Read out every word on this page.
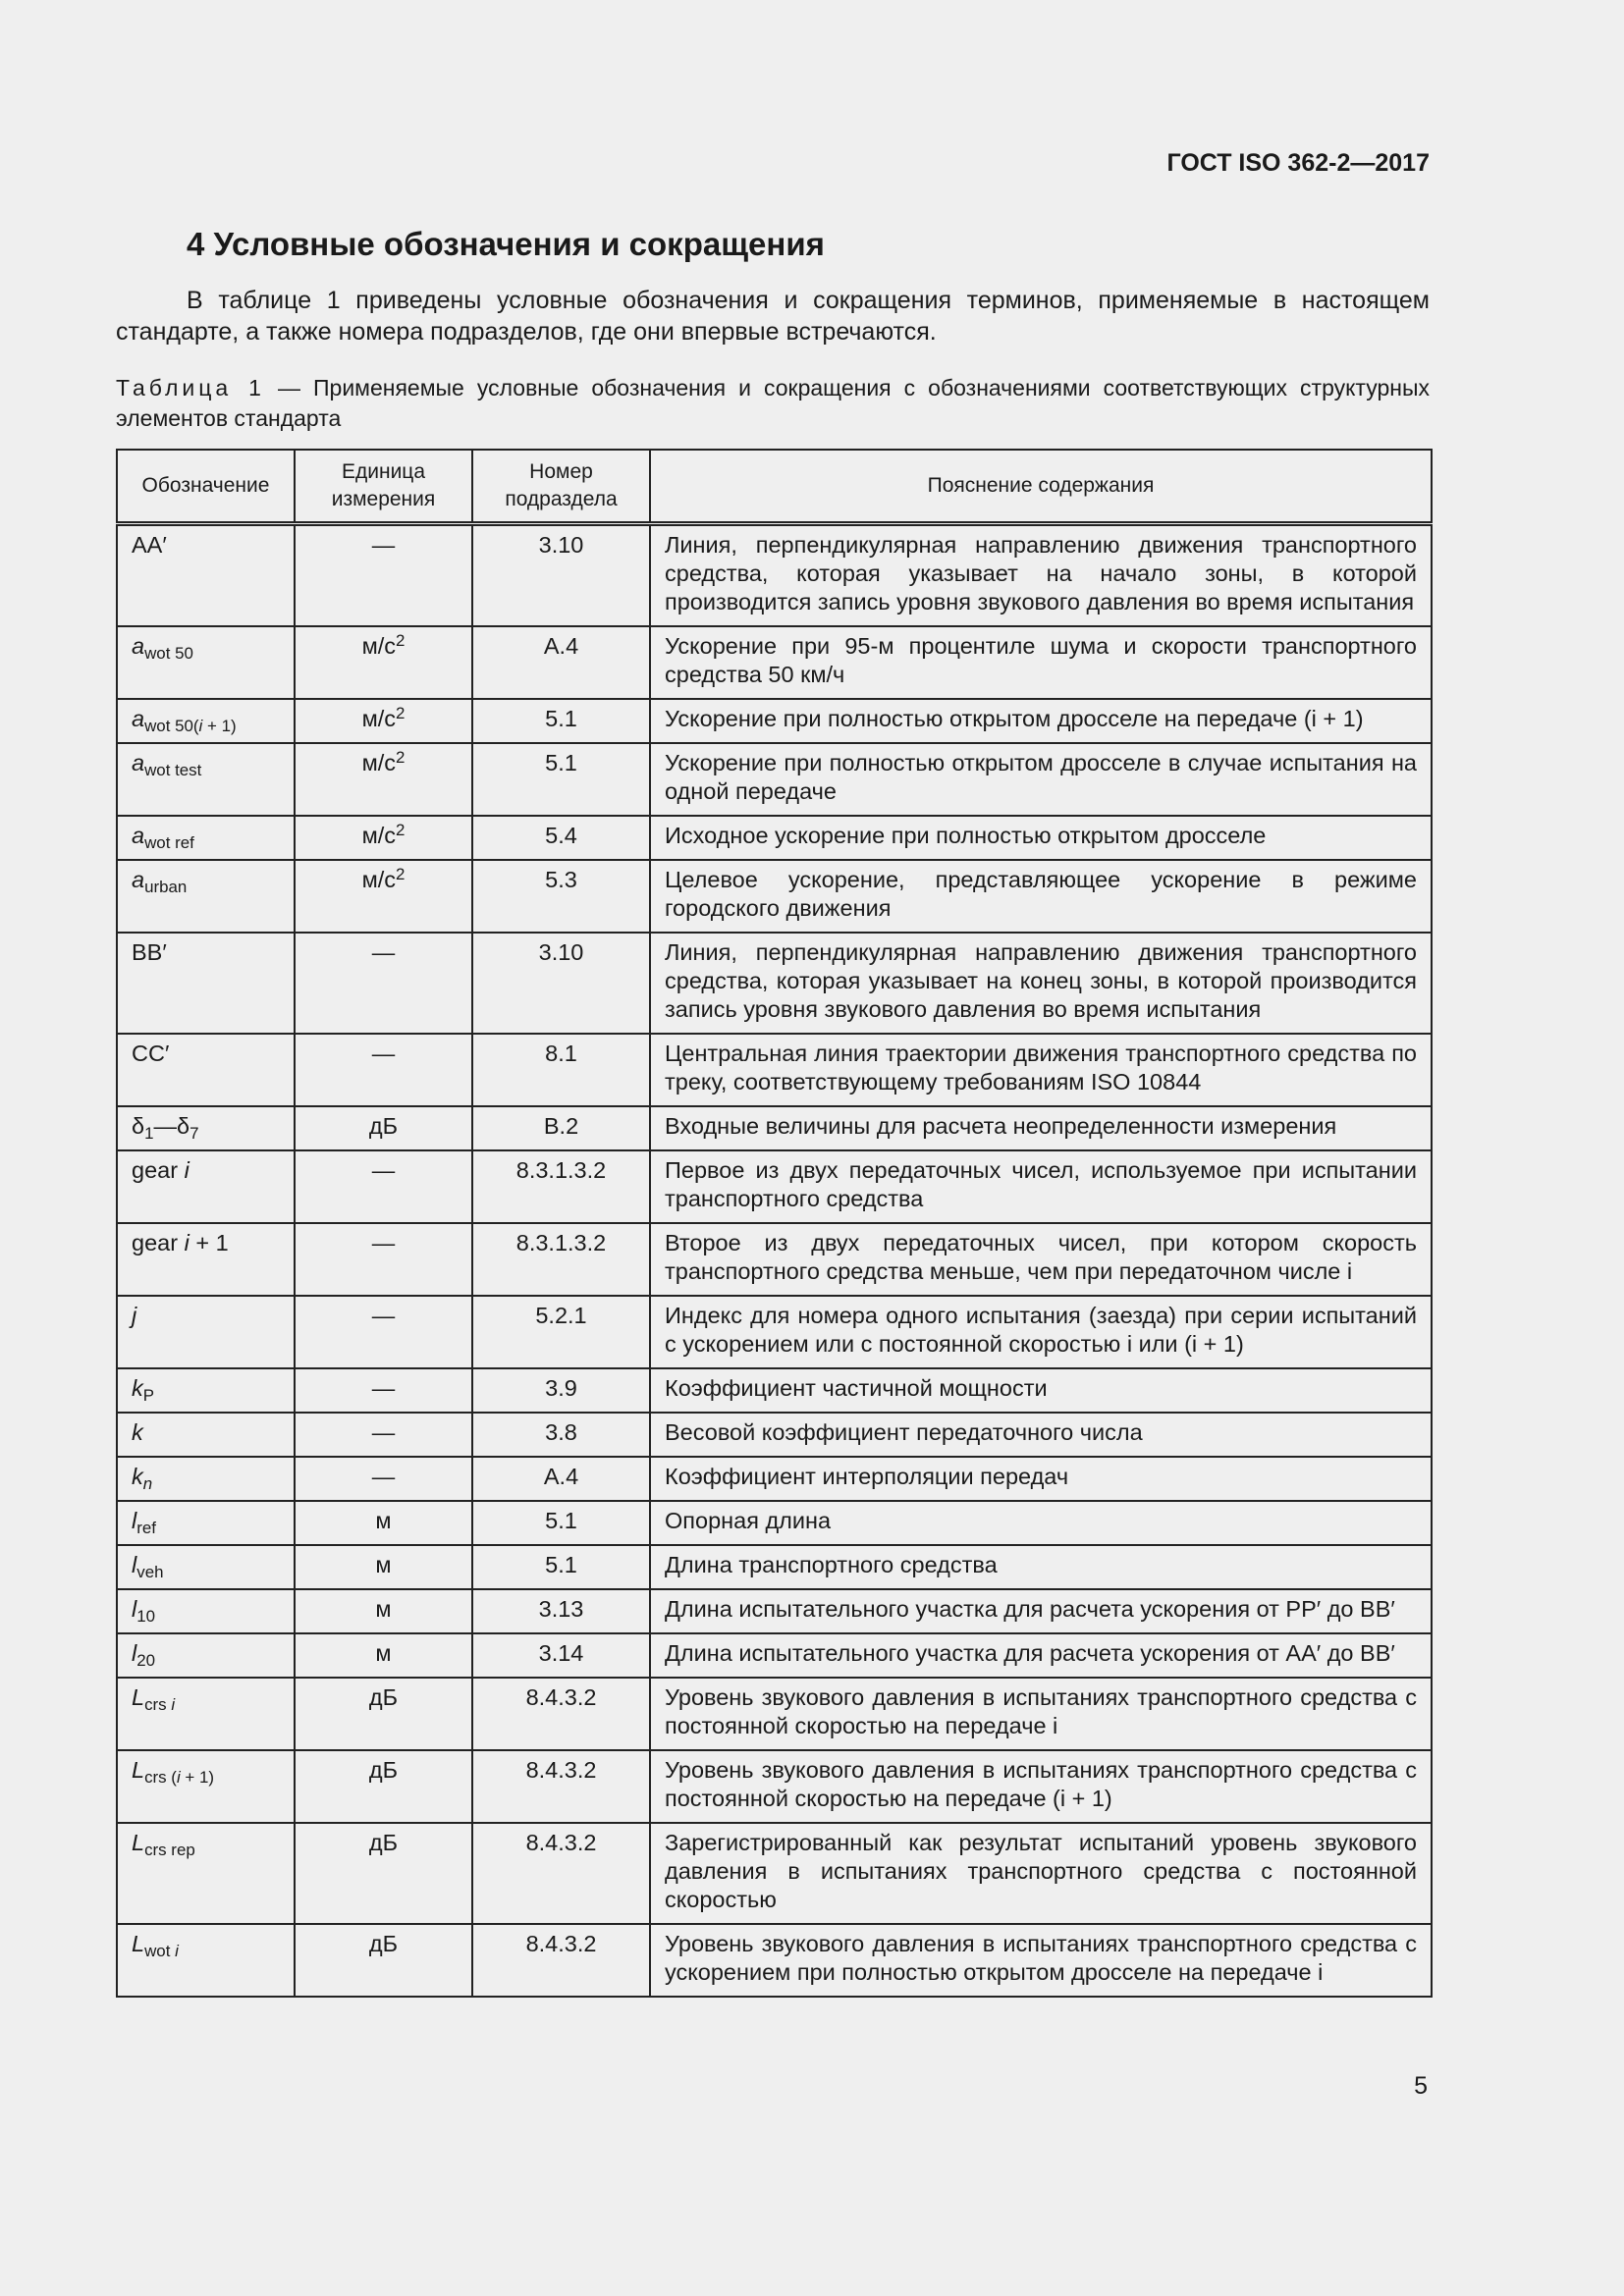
ГОСТ ISO 362-2—2017
4 Условные обозначения и сокращения

В таблице 1 приведены условные обозначения и сокращения терминов, применяемые в настоящем стандарте, а также номера подразделов, где они впервые встречаются.

Таблица 1 — Применяемые условные обозначения и сокращения с обозначениями соответствующих структурных элементов стандарта

Обозначение	Единица измерения	Номер подраздела	Пояснение содержания
AA′	—	3.10	Линия, перпендикулярная направлению движения транспортного средства, которая указывает на начало зоны, в которой производится запись уровня звукового давления во время испытания
$a_{wot 50}$	$м/с^2$	A.4	Ускорение при 95-м процентиле шума и скорости транспортного средства 50 км/ч
$a_{wot 50(i + 1)}$	$м/с^2$	5.1	Ускорение при полностью открытом дросселе на передаче (i + 1)
$a_{wot test}$	$м/с^2$	5.1	Ускорение при полностью открытом дросселе в случае испытания на одной передаче
$a_{wot ref}$	$м/с^2$	5.4	Исходное ускорение при полностью открытом дросселе
$a_{urban}$	$м/с^2$	5.3	Целевое ускорение, представляющее ускорение в режиме городского движения
BB′	—	3.10	Линия, перпендикулярная направлению движения транспортного средства, которая указывает на конец зоны, в которой производится запись уровня звукового давления во время испытания
CC′	—	8.1	Центральная линия траектории движения транспортного средства по треку, соответствующему требованиям ISO 10844
$\delta_1—\delta_7$	дБ	B.2	Входные величины для расчета неопределенности измерения
gear i	—	8.3.1.3.2	Первое из двух передаточных чисел, используемое при испытании транспортного средства
gear i + 1	—	8.3.1.3.2	Второе из двух передаточных чисел, при котором скорость транспортного средства меньше, чем при передаточном числе i
j	—	5.2.1	Индекс для номера одного испытания (заезда) при серии испытаний с ускорением или с постоянной скоростью i или (i + 1)
$k_P$	—	3.9	Коэффициент частичной мощности
k	—	3.8	Весовой коэффициент передаточного числа
$k_n$	—	A.4	Коэффициент интерполяции передач
$l_{ref}$	м	5.1	Опорная длина
$l_{veh}$	м	5.1	Длина транспортного средства
$l_{10}$	м	3.13	Длина испытательного участка для расчета ускорения от PP′ до BB′
$l_{20}$	м	3.14	Длина испытательного участка для расчета ускорения от AA′ до BB′
$L_{crs i}$	дБ	8.4.3.2	Уровень звукового давления в испытаниях транспортного средства с постоянной скоростью на передаче i
$L_{crs (i + 1)}$	дБ	8.4.3.2	Уровень звукового давления в испытаниях транспортного средства с постоянной скоростью на передаче (i + 1)
$L_{crs rep}$	дБ	8.4.3.2	Зарегистрированный как результат испытаний уровень звукового давления в испытаниях транспортного средства с постоянной скоростью
$L_{wot i}$	дБ	8.4.3.2	Уровень звукового давления в испытаниях транспортного средства с ускорением при полностью открытом дросселе на передаче i
5
